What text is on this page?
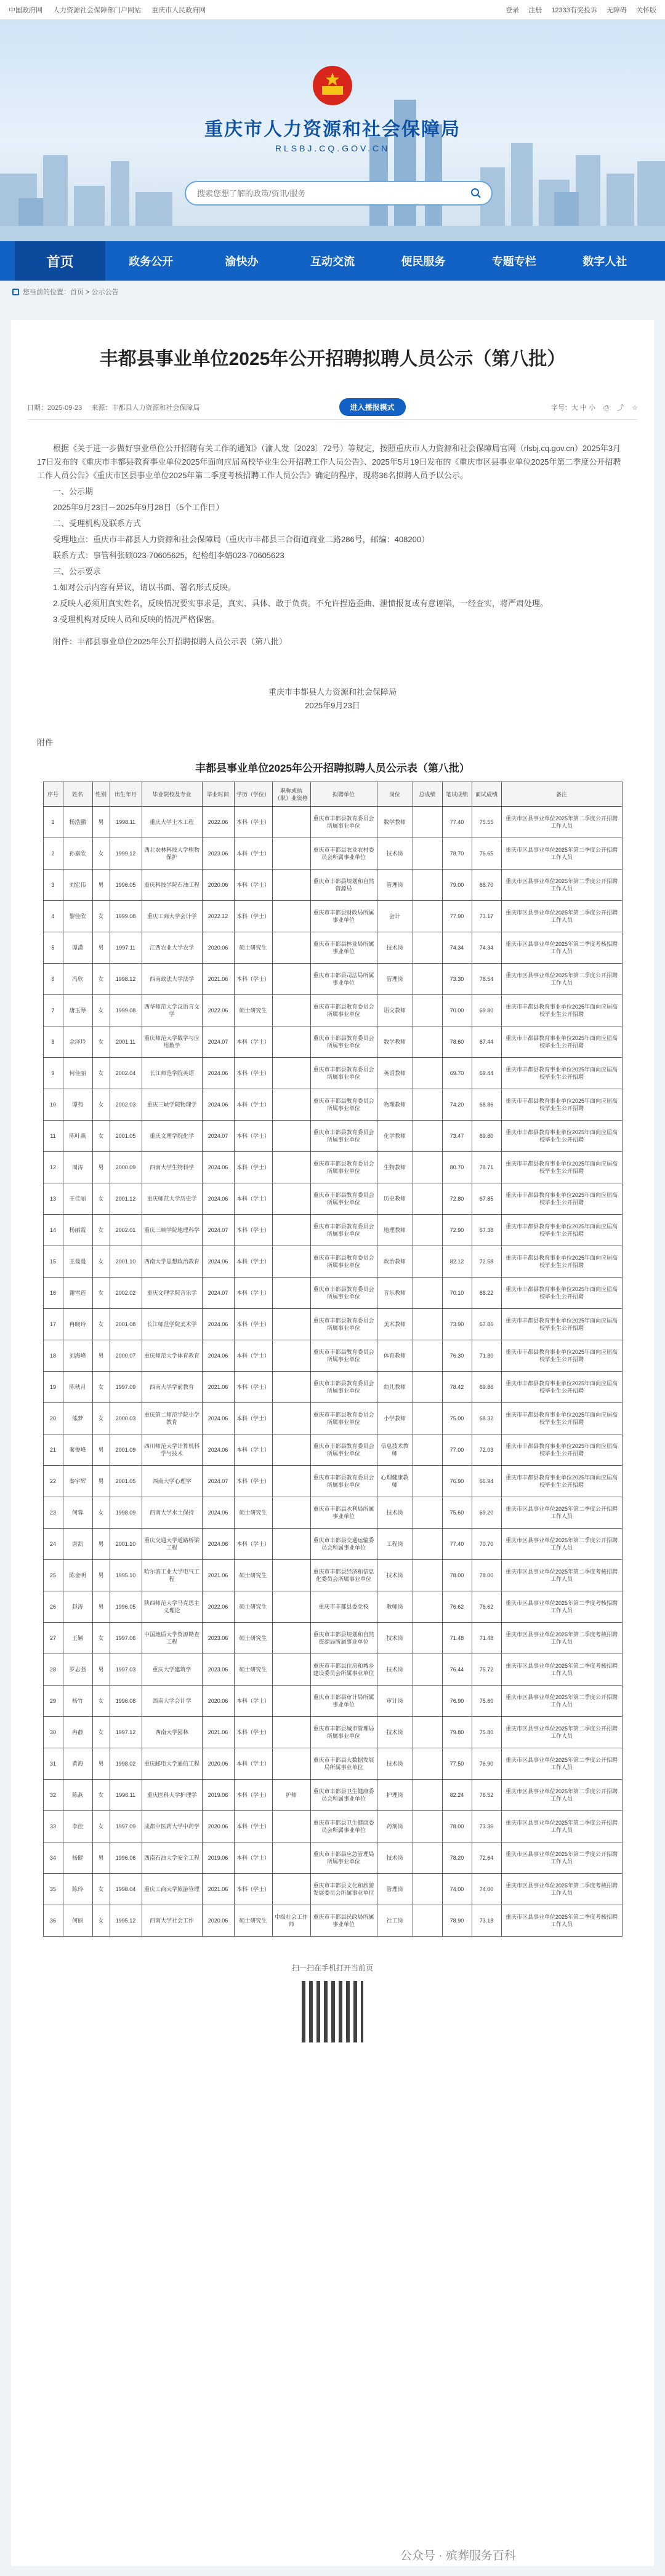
中国政府网 人力资源社会保障部门户网站 重庆市人民政府网	登录 注册 12333有奖投诉 无障碍 关怀版
重庆市人力资源和社会保障局
RLSBJ.CQ.GOV.CN
搜索您想了解的政策/资讯/服务
首页	政务公开	渝快办	互动交流	便民服务	专题专栏	数字人社
您当前的位置：首页 > 公示公告
丰都县事业单位2025年公开招聘拟聘人员公示（第八批）
日期：2025-09-23 来源：丰都县人力资源和社会保障局	进入播报模式	字号：大 中 小 ⎙ ⤴ ☆

根据《关于进一步做好事业单位公开招聘有关工作的通知》（渝人发〔2023〕72号）等规定，按照重庆市人力资源和社会保障局官网（rlsbj.cq.gov.cn）2025年3月17日发布的《重庆市丰都县教育事业单位2025年面向应届高校毕业生公开招聘工作人员公告》、2025年5月19日发布的《重庆市区县事业单位2025年第二季度公开招聘工作人员公告》《重庆市区县事业单位2025年第二季度考核招聘工作人员公告》确定的程序，现将36名拟聘人员予以公示。

一、公示期

2025年9月23日－2025年9月28日（5个工作日）

二、受理机构及联系方式

受理地点：重庆市丰都县人力资源和社会保障局（重庆市丰都县三合街道商业二路286号，邮编：408200）

联系方式：事管科张硕023-70605625，纪检组李婧023-70605623

三、公示要求

1.如对公示内容有异议，请以书面、署名形式反映。

2.反映人必须用真实姓名，反映情况要实事求是，真实、具体、敢于负责。不允许捏造歪曲、泄愤报复或有意诬陷，一经查实，将严肃处理。

3.受理机构对反映人员和反映的情况严格保密。

附件：丰都县事业单位2025年公开招聘拟聘人员公示表（第八批）

重庆市丰都县人力资源和社会保障局
2025年9月23日
附件
丰都县事业单位2025年公开招聘拟聘人员公示表（第八批）
序号	姓名	性别	出生年月	毕业院校及专业	毕业时间	学历（学位）	职称或执（职）业资格	拟聘单位	岗位	总成绩	笔试成绩	面试成绩	备注
1	杨浩鹏	男	1998.11	重庆大学土木工程	2022.06	本科（学士）		重庆市丰都县教育委员会所属事业单位	数学教师		77.40	75.55	重庆市区县事业单位2025年第二季度公开招聘工作人员
2	孙嘉欣	女	1999.12	西北农林科技大学植物保护	2023.06	本科（学士）		重庆市丰都县农业农村委员会所属事业单位	技术岗		78.70	76.65	重庆市区县事业单位2025年第二季度公开招聘工作人员
3	刘宏伟	男	1996.05	重庆科技学院石油工程	2020.06	本科（学士）		重庆市丰都县规划和自然资源局	管理岗		79.00	68.70	重庆市区县事业单位2025年第二季度公开招聘工作人员
4	黎佳欣	女	1999.08	重庆工商大学会计学	2022.12	本科（学士）		重庆市丰都县财政局所属事业单位	会计		77.90	73.17	重庆市区县事业单位2025年第二季度公开招聘工作人员
5	谭潇	男	1997.11	江西农业大学农学	2020.06	硕士研究生		重庆市丰都县林业局所属事业单位	技术岗		74.34	74.34	重庆市区县事业单位2025年第二季度考核招聘工作人员
6	冯欣	女	1998.12	西南政法大学法学	2021.06	本科（学士）		重庆市丰都县司法局所属事业单位	管理岗		73.30	78.54	重庆市区县事业单位2025年第二季度公开招聘工作人员
7	唐玉琴	女	1999.08	西华师范大学汉语言文学	2022.06	硕士研究生		重庆市丰都县教育委员会所属事业单位	语文教师		70.00	69.80	重庆市丰都县教育事业单位2025年面向应届高校毕业生公开招聘
8	余泽玲	女	2001.11	重庆师范大学数学与应用数学	2024.07	本科（学士）		重庆市丰都县教育委员会所属事业单位	数学教师		78.60	67.44	重庆市丰都县教育事业单位2025年面向应届高校毕业生公开招聘
9	何佳丽	女	2002.04	长江师范学院英语	2024.06	本科（学士）		重庆市丰都县教育委员会所属事业单位	英语教师		69.70	69.44	重庆市丰都县教育事业单位2025年面向应届高校毕业生公开招聘
10	谭苑	女	2002.03	重庆三峡学院物理学	2024.06	本科（学士）		重庆市丰都县教育委员会所属事业单位	物理教师		74.20	68.86	重庆市丰都县教育事业单位2025年面向应届高校毕业生公开招聘
11	陈叶燕	女	2001.05	重庆文理学院化学	2024.07	本科（学士）		重庆市丰都县教育委员会所属事业单位	化学教师		73.47	69.80	重庆市丰都县教育事业单位2025年面向应届高校毕业生公开招聘
12	周涛	男	2000.09	西南大学生物科学	2024.06	本科（学士）		重庆市丰都县教育委员会所属事业单位	生物教师		80.70	78.71	重庆市丰都县教育事业单位2025年面向应届高校毕业生公开招聘
13	王佳丽	女	2001.12	重庆师范大学历史学	2024.06	本科（学士）		重庆市丰都县教育委员会所属事业单位	历史教师		72.80	67.85	重庆市丰都县教育事业单位2025年面向应届高校毕业生公开招聘
14	杨丽霞	女	2002.01	重庆三峡学院地理科学	2024.07	本科（学士）		重庆市丰都县教育委员会所属事业单位	地理教师		72.90	67.38	重庆市丰都县教育事业单位2025年面向应届高校毕业生公开招聘
15	王曼曼	女	2001.10	西南大学思想政治教育	2024.06	本科（学士）		重庆市丰都县教育委员会所属事业单位	政治教师		82.12	72.58	重庆市丰都县教育事业单位2025年面向应届高校毕业生公开招聘
16	谢雪莲	女	2002.02	重庆文理学院音乐学	2024.07	本科（学士）		重庆市丰都县教育委员会所属事业单位	音乐教师		70.10	68.22	重庆市丰都县教育事业单位2025年面向应届高校毕业生公开招聘
17	冉晓玲	女	2001.08	长江师范学院美术学	2024.06	本科（学士）		重庆市丰都县教育委员会所属事业单位	美术教师		73.90	67.86	重庆市丰都县教育事业单位2025年面向应届高校毕业生公开招聘
18	刘海峰	男	2000.07	重庆师范大学体育教育	2024.06	本科（学士）		重庆市丰都县教育委员会所属事业单位	体育教师		76.30	71.80	重庆市丰都县教育事业单位2025年面向应届高校毕业生公开招聘
19	陈秋月	女	1997.09	西南大学学前教育	2021.06	本科（学士）		重庆市丰都县教育委员会所属事业单位	幼儿教师		78.42	69.86	重庆市丰都县教育事业单位2025年面向应届高校毕业生公开招聘
20	熊梦	女	2000.03	重庆第二师范学院小学教育	2024.06	本科（学士）		重庆市丰都县教育委员会所属事业单位	小学教师		75.00	68.32	重庆市丰都县教育事业单位2025年面向应届高校毕业生公开招聘
21	秦俊峰	男	2001.09	四川师范大学计算机科学与技术	2024.06	本科（学士）		重庆市丰都县教育委员会所属事业单位	信息技术教师		77.00	72.03	重庆市丰都县教育事业单位2025年面向应届高校毕业生公开招聘
22	秦宇辉	男	2001.05	西南大学心理学	2024.07	本科（学士）		重庆市丰都县教育委员会所属事业单位	心理健康教师		76.90	66.94	重庆市丰都县教育事业单位2025年面向应届高校毕业生公开招聘
23	何蓉	女	1998.09	西南大学水土保持	2024.06	硕士研究生		重庆市丰都县水利局所属事业单位	技术岗		75.60	69.20	重庆市区县事业单位2025年第二季度公开招聘工作人员
24	唐凯	男	2001.10	重庆交通大学道路桥梁工程	2024.06	本科（学士）		重庆市丰都县交通运输委员会所属事业单位	工程岗		77.40	70.70	重庆市区县事业单位2025年第二季度公开招聘工作人员
25	陈金明	男	1995.10	哈尔滨工业大学电气工程	2021.06	硕士研究生		重庆市丰都县经济和信息化委员会所属事业单位	技术岗		78.00	78.00	重庆市区县事业单位2025年第二季度考核招聘工作人员
26	赵涛	男	1996.05	陕西师范大学马克思主义理论	2022.06	硕士研究生		重庆市丰都县委党校	教师岗		76.62	76.62	重庆市区县事业单位2025年第二季度考核招聘工作人员
27	王颖	女	1997.06	中国地质大学资源勘查工程	2023.06	硕士研究生		重庆市丰都县规划和自然资源局所属事业单位	技术岗		71.48	71.48	重庆市区县事业单位2025年第二季度考核招聘工作人员
28	罗志强	男	1997.03	重庆大学建筑学	2023.06	硕士研究生		重庆市丰都县住房和城乡建设委员会所属事业单位	技术岗		76.44	75.72	重庆市区县事业单位2025年第二季度考核招聘工作人员
29	杨竹	女	1996.08	西南大学会计学	2020.06	本科（学士）		重庆市丰都县审计局所属事业单位	审计岗		76.90	75.60	重庆市区县事业单位2025年第二季度公开招聘工作人员
30	冉静	女	1997.12	西南大学园林	2021.06	本科（学士）		重庆市丰都县城市管理局所属事业单位	技术岗		79.80	75.80	重庆市区县事业单位2025年第二季度公开招聘工作人员
31	黄海	男	1998.02	重庆邮电大学通信工程	2020.06	本科（学士）		重庆市丰都县大数据发展局所属事业单位	技术岗		77.50	76.90	重庆市区县事业单位2025年第二季度公开招聘工作人员
32	陈燕	女	1996.11	重庆医科大学护理学	2019.06	本科（学士）	护师	重庆市丰都县卫生健康委员会所属事业单位	护理岗		82.24	76.52	重庆市区县事业单位2025年第二季度公开招聘工作人员
33	李佳	女	1997.09	成都中医药大学中药学	2020.06	本科（学士）		重庆市丰都县卫生健康委员会所属事业单位	药剂岗		78.00	73.36	重庆市区县事业单位2025年第二季度公开招聘工作人员
34	杨健	男	1996.06	西南石油大学安全工程	2019.06	本科（学士）		重庆市丰都县应急管理局所属事业单位	技术岗		78.20	72.64	重庆市区县事业单位2025年第二季度公开招聘工作人员
35	陈玲	女	1998.04	重庆工商大学旅游管理	2021.06	本科（学士）		重庆市丰都县文化和旅游发展委员会所属事业单位	管理岗		74.00	74.00	重庆市区县事业单位2025年第二季度考核招聘工作人员
36	何丽	女	1995.12	西南大学社会工作	2020.06	硕士研究生	中级社会工作师	重庆市丰都县民政局所属事业单位	社工岗		78.90	73.18	重庆市区县事业单位2025年第二季度考核招聘工作人员
扫一扫在手机打开当前页
公众号 · 殡葬服务百科
